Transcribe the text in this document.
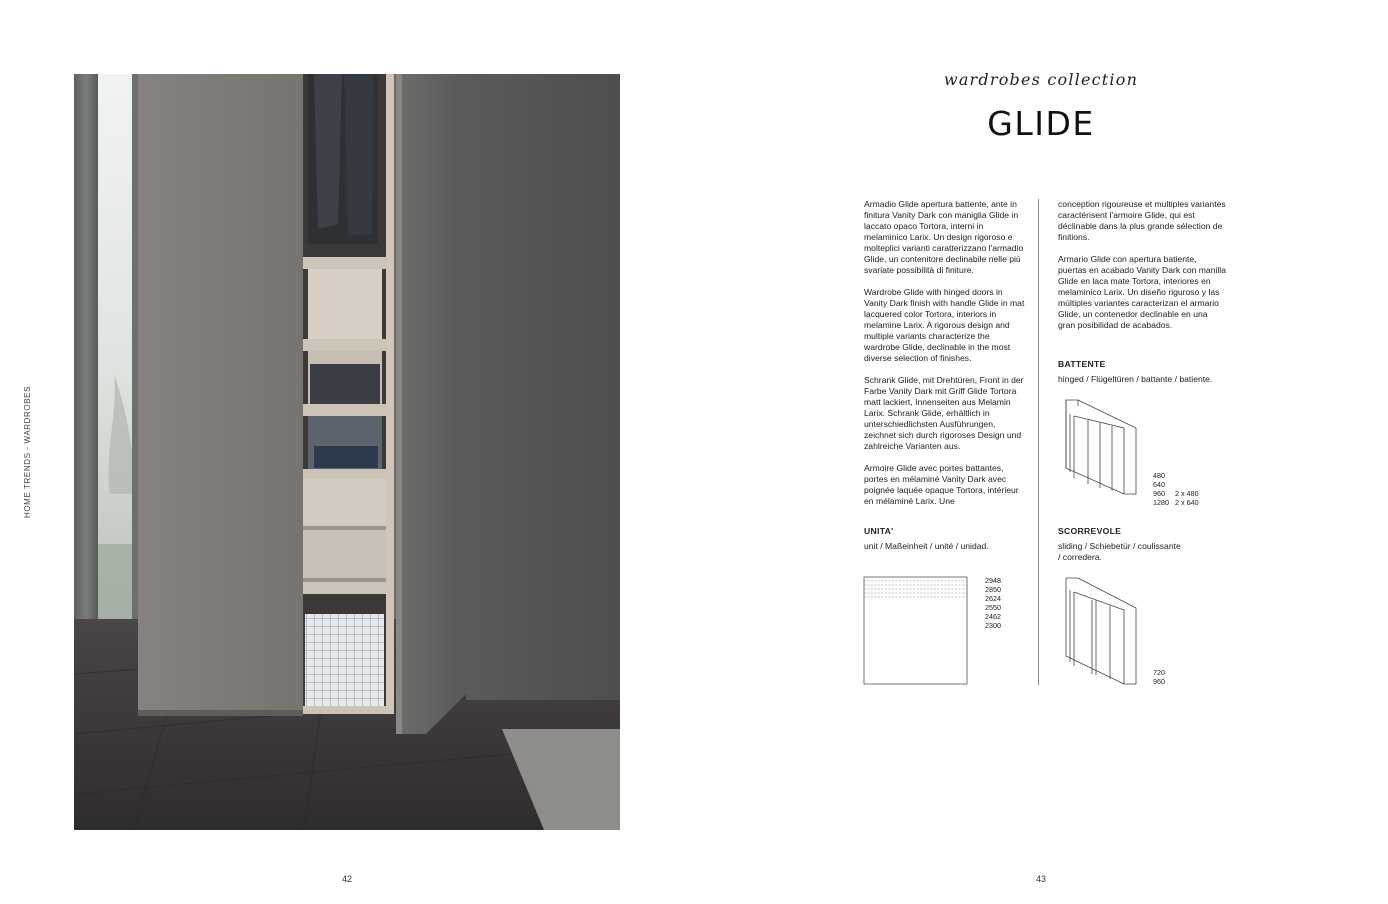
HOME TRENDS - WARDROBES
42
wardrobes collection
GLIDE

Armadio Glide apertura battente, ante in finitura Vanity Dark con maniglia Glide in laccato opaco Tortora, interni in melaminico Larix. Un design rigoroso e molteplici varianti caratterizzano l'armadio Glide, un contenitore declinabile nelle più svariate possibilità di finiture.

Wardrobe Glide with hinged doors in Vanity Dark finish with handle Glide in mat lacquered color Tortora, interiors in melamine Larix. A rigorous design and multiple variants characterize the wardrobe Glide, declinable in the most diverse selection of finishes.

Schrank Glide, mit Drehtüren, Front in der Farbe Vanity Dark mit Griff Glide Tortora matt lackiert, Innenseiten aus Melamin Larix. Schrank Glide, erhältlich in unterschiedlichsten Ausführungen, zeichnet sich durch rigoroses Design und zahlreiche Varianten aus.

Armoire Glide avec portes battantes, portes en mélaminé Vanity Dark avec poignée laquée opaque Tortora, intérieur en mélaminé Larix. Une

conception rigoureuse et multiples variantes caractérisent l'armoire Glide, qui est déclinable dans la plus grande sélection de finitions.

Armario Glide con apertura batiente, puertas en acabado Vanity Dark con manilla Glide en laca mate Tortora, interiores en melaminico Larix. Un diseño riguroso y las múltiples variantes caracterizan el armario Glide, un contenedor declinable en una gran posibilidad de acabados.

BATTENTE
hinged / Flügeltüren / battante / batiente.
480
640
960 2 x 480
1280 2 x 640
UNITA'
unit / Maßeinheit / unité / unidad.
2948
2850
2624
2550
2462
2300
SCORREVOLE
sliding / Schiebetür / coulissante
/ corredera.
720
960
43
